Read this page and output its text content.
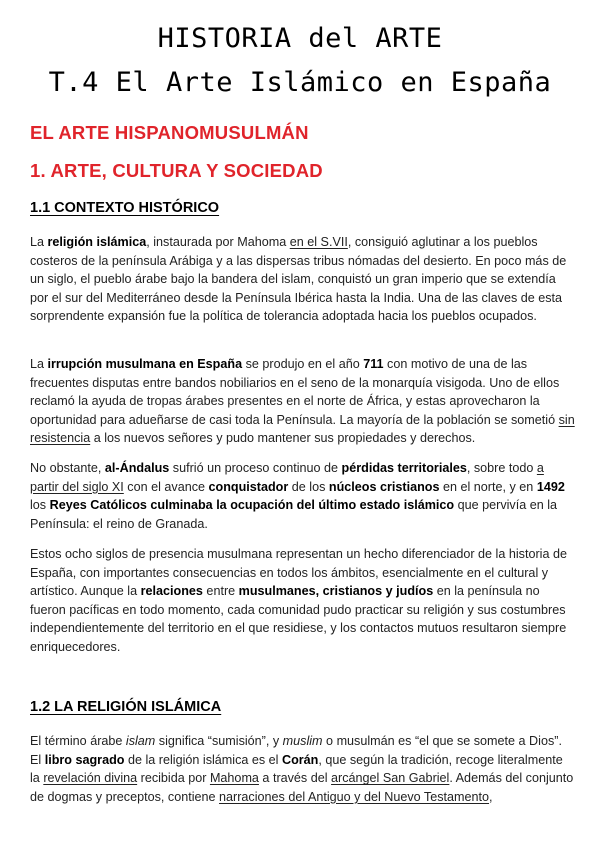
HISTORIA del ARTE
T.4 El Arte Islámico en España
EL ARTE HISPANOMUSULMÁN
1. ARTE, CULTURA Y SOCIEDAD
1.1 CONTEXTO HISTÓRICO
La religión islámica, instaurada por Mahoma en el S.VII, consiguió aglutinar a los pueblos costeros de la península Arábiga y a las dispersas tribus nómadas del desierto. En poco más de un siglo, el pueblo árabe bajo la bandera del islam, conquistó un gran imperio que se extendía por el sur del Mediterráneo desde la Península Ibérica hasta la India. Una de las claves de esta sorprendente expansión fue la política de tolerancia adoptada hacia los pueblos ocupados.
La irrupción musulmana en España se produjo en el año 711 con motivo de una de las frecuentes disputas entre bandos nobiliarios en el seno de la monarquía visigoda. Uno de ellos reclamó la ayuda de tropas árabes presentes en el norte de África, y estas aprovecharon la oportunidad para adueñarse de casi toda la Península. La mayoría de la población se sometió sin resistencia a los nuevos señores y pudo mantener sus propiedades y derechos.
No obstante, al-Ándalus sufrió un proceso continuo de pérdidas territoriales, sobre todo a partir del siglo XI con el avance conquistador de los núcleos cristianos en el norte, y en 1492 los Reyes Católicos culminaba la ocupación del último estado islámico que pervivía en la Península: el reino de Granada.
Estos ocho siglos de presencia musulmana representan un hecho diferenciador de la historia de España, con importantes consecuencias en todos los ámbitos, esencialmente en el cultural y artístico. Aunque la relaciones entre musulmanes, cristianos y judíos en la península no fueron pacíficas en todo momento, cada comunidad pudo practicar su religión y sus costumbres independientemente del territorio en el que residiese, y los contactos mutuos resultaron siempre enriquecedores.
1.2 LA RELIGIÓN ISLÁMICA
El término árabe islam significa “sumisión”, y muslim o musulmán es “el que se somete a Dios”. El libro sagrado de la religión islámica es el Corán, que según la tradición, recoge literalmente la revelación divina recibida por Mahoma a través del arcángel San Gabriel. Además del conjunto de dogmas y preceptos, contiene narraciones del Antiguo y del Nuevo Testamento,
